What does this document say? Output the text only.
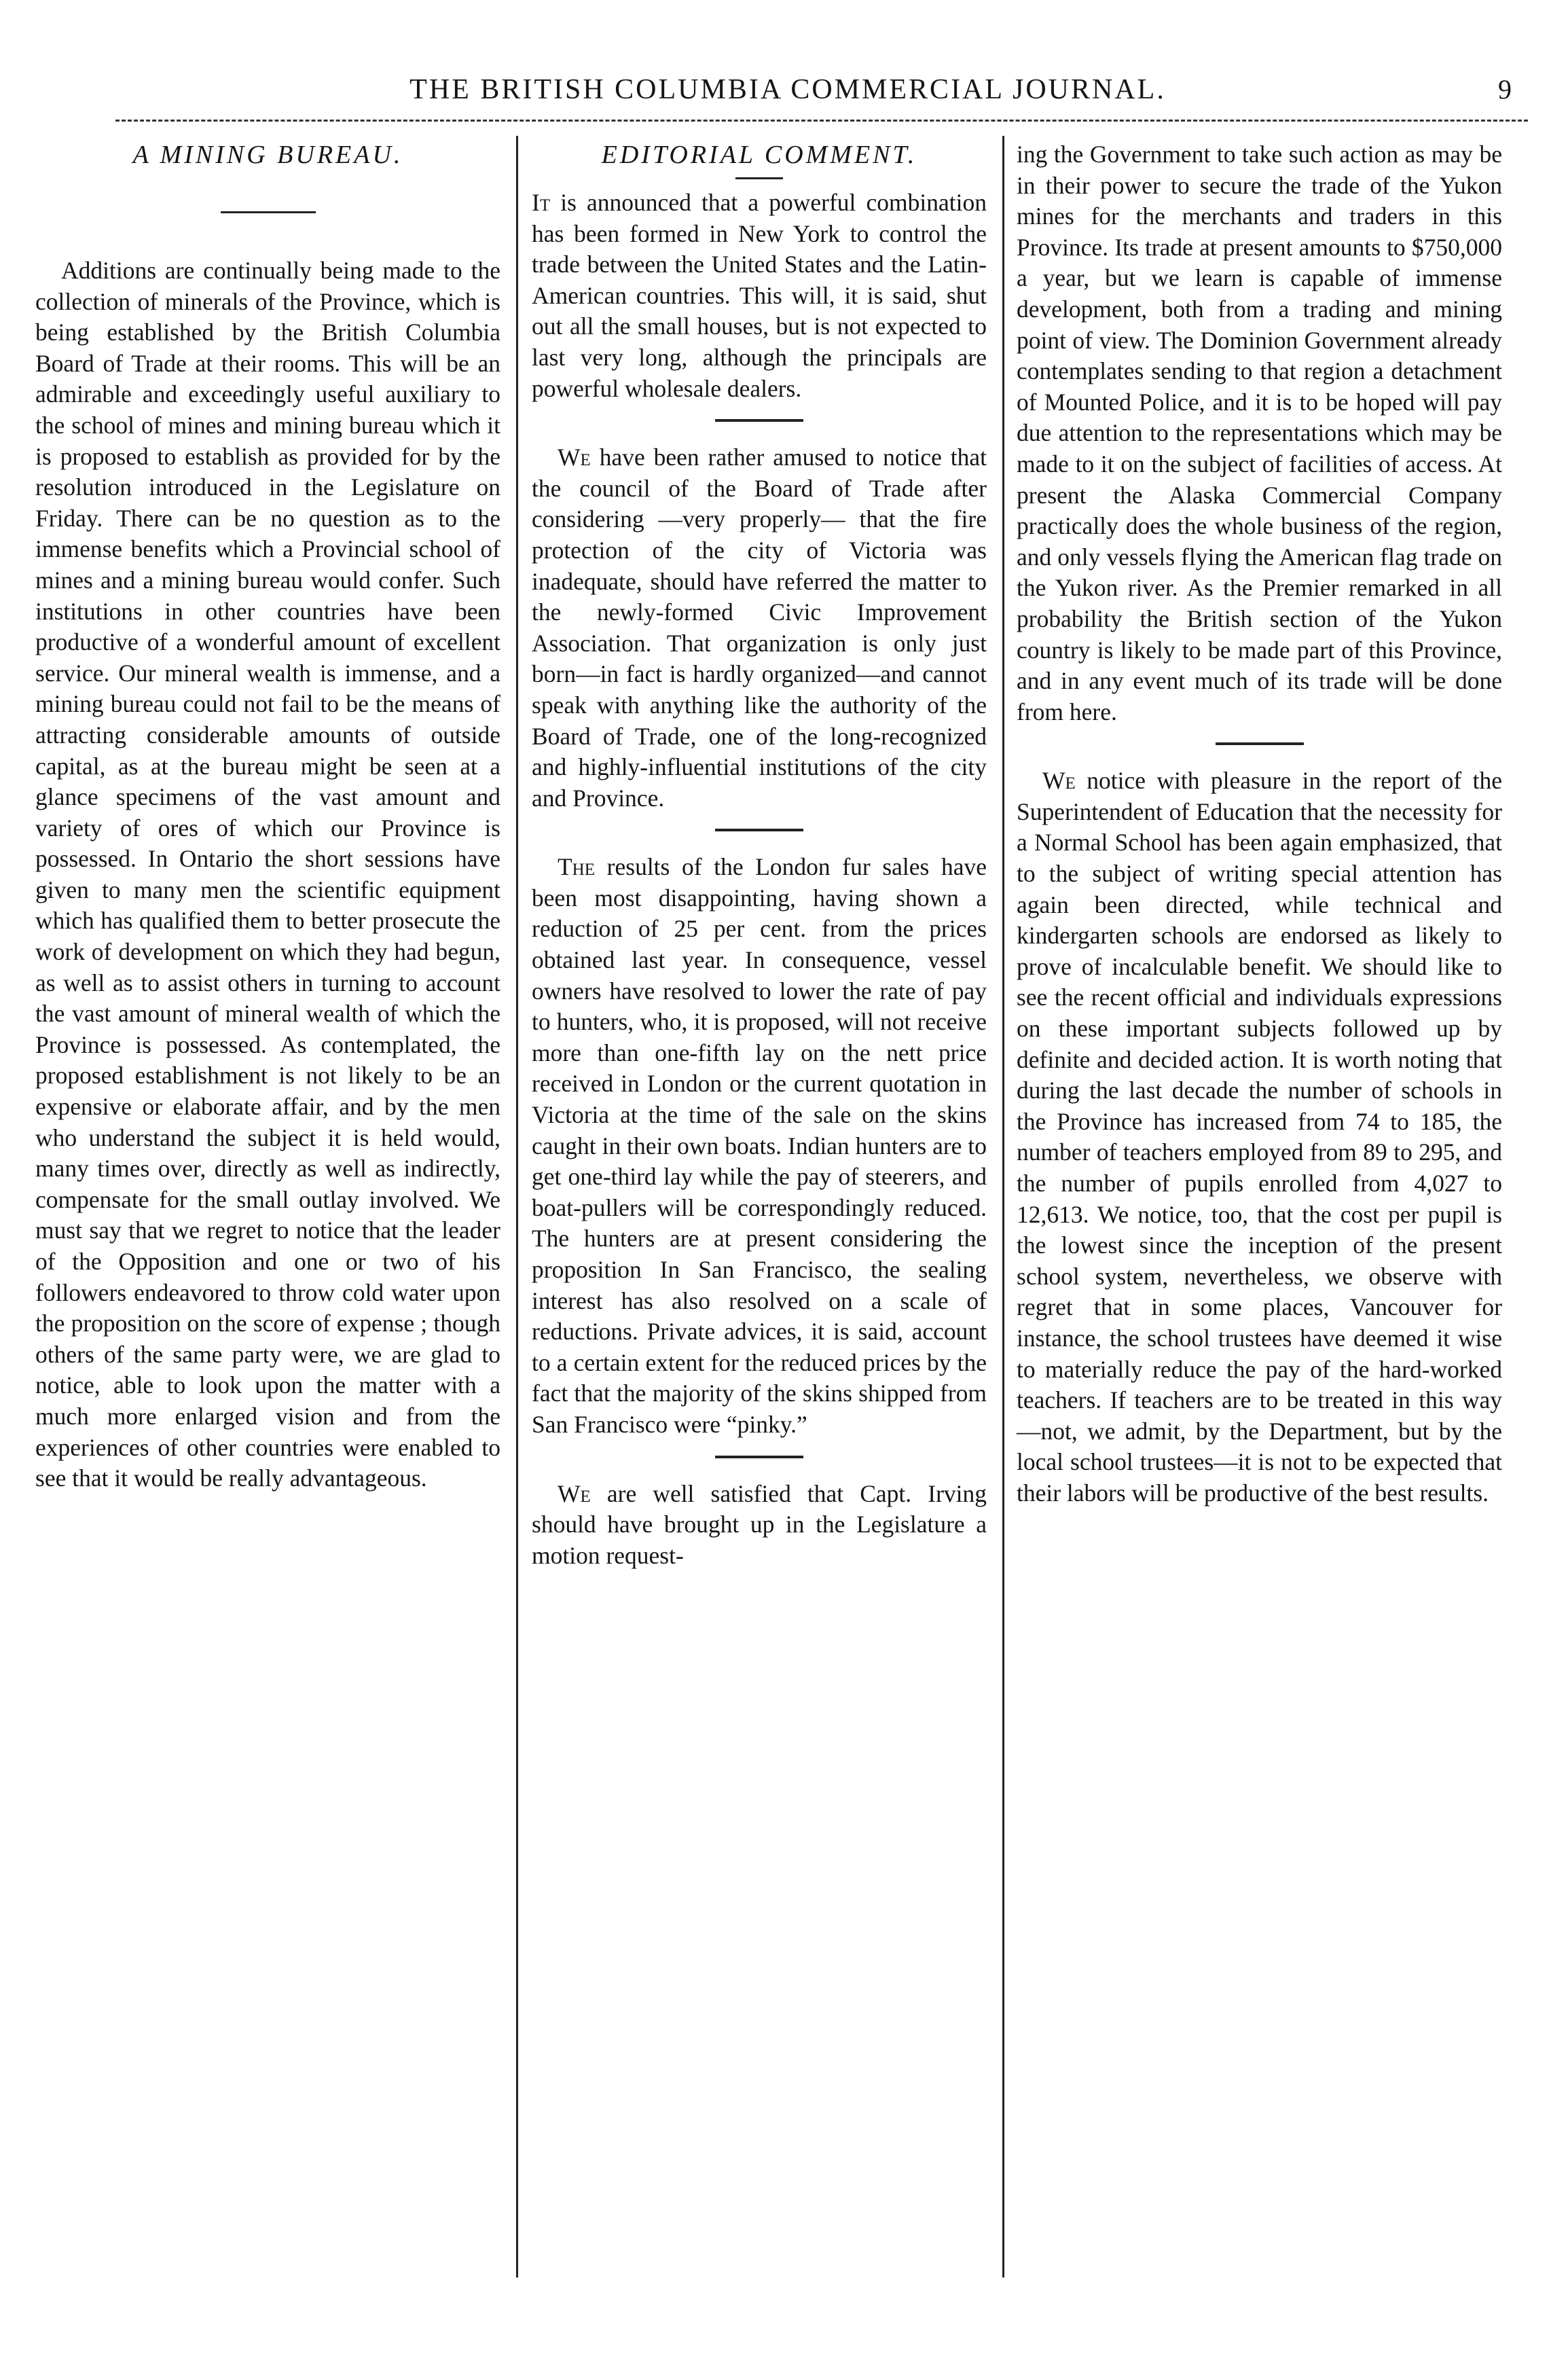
THE BRITISH COLUMBIA COMMERCIAL JOURNAL.	9
A MINING BUREAU.

Additions are continually being made to the collection of minerals of the Province, which is being established by the British Columbia Board of Trade at their rooms. This will be an admirable and exceedingly useful auxiliary to the school of mines and mining bureau which it is proposed to establish as provided for by the resolution introduced in the Legislature on Friday. There can be no question as to the immense benefits which a Provincial school of mines and a mining bureau would confer. Such institutions in other countries have been productive of a wonderful amount of excellent service. Our mineral wealth is immense, and a mining bureau could not fail to be the means of attracting considerable amounts of outside capital, as at the bureau might be seen at a glance specimens of the vast amount and variety of ores of which our Province is possessed. In Ontario the short sessions have given to many men the scientific equipment which has qualified them to better prosecute the work of development on which they had begun, as well as to assist others in turning to account the vast amount of mineral wealth of which the Province is possessed. As contemplated, the proposed establishment is not likely to be an expensive or elaborate affair, and by the men who understand the subject it is held would, many times over, directly as well as indirectly, compensate for the small outlay involved. We must say that we regret to notice that the leader of the Opposition and one or two of his followers endeavored to throw cold water upon the proposition on the score of expense ; though others of the same party were, we are glad to notice, able to look upon the matter with a much more enlarged vision and from the experiences of other countries were enabled to see that it would be really advantageous.

EDITORIAL COMMENT.

It is announced that a powerful combination has been formed in New York to control the trade between the United States and the Latin-American countries. This will, it is said, shut out all the small houses, but is not expected to last very long, although the principals are powerful wholesale dealers.

We have been rather amused to notice that the council of the Board of Trade after considering —very properly— that the fire protection of the city of Victoria was inadequate, should have referred the matter to the newly-formed Civic Improvement Association. That organization is only just born—in fact is hardly organized—and cannot speak with anything like the authority of the Board of Trade, one of the long-recognized and highly-influential institutions of the city and Province.

The results of the London fur sales have been most disappointing, having shown a reduction of 25 per cent. from the prices obtained last year. In consequence, vessel owners have resolved to lower the rate of pay to hunters, who, it is proposed, will not receive more than one-fifth lay on the nett price received in London or the current quotation in Victoria at the time of the sale on the skins caught in their own boats. Indian hunters are to get one-third lay while the pay of steerers, and boat-pullers will be correspondingly reduced. The hunters are at present considering the proposition In San Francisco, the sealing interest has also resolved on a scale of reductions. Private advices, it is said, account to a certain extent for the reduced prices by the fact that the majority of the skins shipped from San Francisco were “pinky.”

We are well satisfied that Capt. Irving should have brought up in the Legislature a motion request-

ing the Government to take such action as may be in their power to secure the trade of the Yukon mines for the merchants and traders in this Province. Its trade at present amounts to $750,000 a year, but we learn is capable of immense development, both from a trading and mining point of view. The Dominion Government already contemplates sending to that region a detachment of Mounted Police, and it is to be hoped will pay due attention to the representations which may be made to it on the subject of facilities of access. At present the Alaska Commercial Company practically does the whole business of the region, and only vessels flying the American flag trade on the Yukon river. As the Premier remarked in all probability the British section of the Yukon country is likely to be made part of this Province, and in any event much of its trade will be done from here.

We notice with pleasure in the report of the Superintendent of Education that the necessity for a Normal School has been again emphasized, that to the subject of writing special attention has again been directed, while technical and kindergarten schools are endorsed as likely to prove of incalculable benefit. We should like to see the recent official and individuals expressions on these important subjects followed up by definite and decided action. It is worth noting that during the last decade the number of schools in the Province has increased from 74 to 185, the number of teachers employed from 89 to 295, and the number of pupils enrolled from 4,027 to 12,613. We notice, too, that the cost per pupil is the lowest since the inception of the present school system, nevertheless, we observe with regret that in some places, Vancouver for instance, the school trustees have deemed it wise to materially reduce the pay of the hard-worked teachers. If teachers are to be treated in this way—not, we admit, by the Department, but by the local school trustees—it is not to be expected that their labors will be productive of the best results.
